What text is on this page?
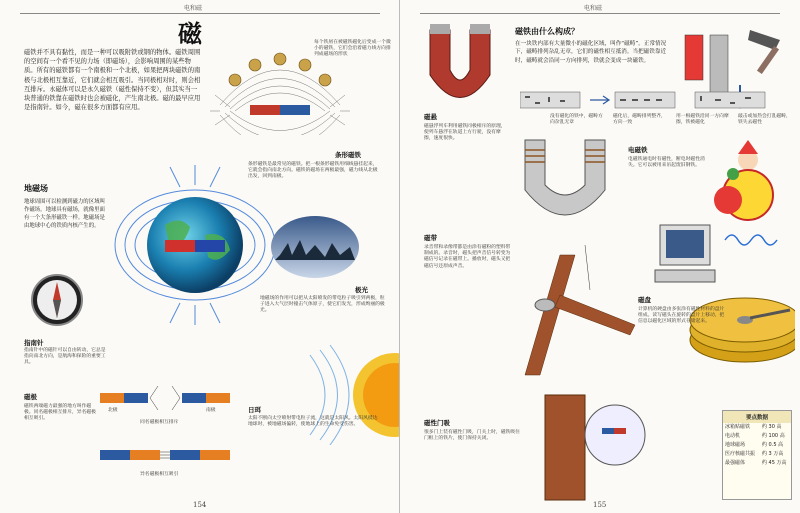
电和磁
磁
磁铁并不具有黏性，而是一种可以吸附铁或钢的物体。磁铁周围的空间有一个看不见的力场（即磁场），会影响周围的某些物质。所有的磁铁都有一个南极和一个北极，如果把两块磁铁的南极与北极相互靠近，它们就会相互吸引。当同极相对时，则会相互排斥。永磁体可以是永久磁铁（磁性保持不变），但其实当一块普通的铁靠在磁铁时也会被磁化，产生南北极。磁的最早应用是指南针。如今，磁在很多方面都有应用。
每个铁屑在被磁铁磁化后变成一个微小的磁铁，它们会沿着磁力线方向排列成磁场的形状
条形磁铁
条形磁铁是最常见的磁铁。把一根条形磁铁用细线悬挂起来，它就会指向南北方向。磁铁的磁场在两极最强，磁力线从北极出发，回到南极。
地磁场
地球周围可以检测到磁力的区域叫作磁场。地球具有磁场，就像里面有一个大条形磁铁一样。地磁场是由地球中心的铁质内核产生的。
极光
地磁场的作用可以把从太阳喷发的带电粒子吸引到两极，粒子进入大气层时撞击气体原子，使它们发光，形成绚丽的极光。
指南针
指南针中的磁针可以自由转动，它总是指向南北方向，是航海和探险的重要工具。
磁极
磁铁两端磁力最强的地方叫作磁极。同名磁极相互排斥，异名磁极相互吸引。
北极	南极
同名磁极相互排斥
异名磁极相互吸引
日珥
太阳不断向太空喷射带电粒子流，这就是太阳风。太阳风抵达地球时，被地磁场偏转，使地球上的生命免受伤害。
154
电和磁
磁铁由什么构成？
在一块铁内部有大量微小的磁化区域，叫作“磁畴”。正常情况下，磁畴排列杂乱无章，它们的磁性相互抵消。当把磁铁靠近时，磁畴就会沿同一方向排列，铁就会变成一块磁铁。
没有磁化的铁中，磁畴方向杂乱无章
磁化后，磁畴排列整齐，方向一致
用一根磁铁沿同一方向摩擦，铁被磁化
敲击或加热会打乱磁畴，铁失去磁性
磁悬
磁悬浮列车利用磁铁同极相斥的原理，使列车悬浮在轨道上方行驶，没有摩擦，速度很快。
电磁铁
电磁铁通电时有磁性，断电时磁性消失。它可以被用来吊起废旧钢铁。
磁带
录音带和录像带都是由涂有磁粉的塑料带制成的。录音时，磁头把声音信号转变为磁信号记录在磁带上。播放时，磁头又把磁信号还原成声音。
磁盘
计算机的硬盘由多张涂有磁性材料的盘片组成。读写磁头在旋转的盘片上移动，把信息以磁化区域的形式存储起来。
磁性门吸
很多门上装有磁性门吸，门关上时，磁铁吸住门框上的铁片，使门保持关闭。
要点数据
冰箱贴磁铁	约 30 高
电动机	约 100 高
地球磁场	约 0.5 高
医疗核磁共振	约 3 万高
最强磁体	约 45 万高
155
